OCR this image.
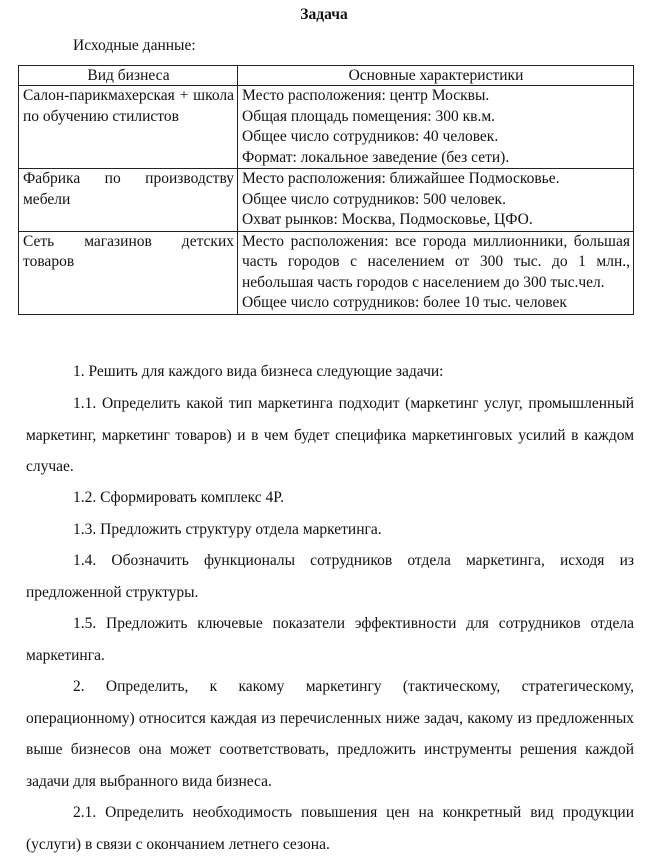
Задача
Исходные данные:
Вид бизнеса	Основные характеристики
Салон-парикмахерская + школа по обучению стилистов	Место расположения: центр Москвы.
Общая площадь помещения: 300 кв.м.
Общее число сотрудников: 40 человек.
Формат: локальное заведение (без сети).

Фабрика по производству мебели	Место расположения: ближайшее Подмосковье.
Общее число сотрудников: 500 человек.
Охват рынков: Москва, Подмосковье, ЦФО.

Сеть магазинов детских товаров	Место расположения: все города миллионники, большая часть городов с населением от 300 тыс. до 1 млн., небольшая часть городов с населением до 300 тыс.чел.
Общее число сотрудников: более 10 тыс. человек
1. Решить для каждого вида бизнеса следующие задачи:
1.1. Определить какой тип маркетинга подходит (маркетинг услуг, промышленный маркетинг, маркетинг товаров) и в чем будет специфика маркетинговых усилий в каждом случае.
1.2. Сформировать комплекс 4P.
1.3. Предложить структуру отдела маркетинга.
1.4. Обозначить функционалы сотрудников отдела маркетинга, исходя из предложенной структуры.
1.5. Предложить ключевые показатели эффективности для сотрудников отдела маркетинга.
2. Определить, к какому маркетингу (тактическому, стратегическому, операционному) относится каждая из перечисленных ниже задач, какому из предложенных выше бизнесов она может соответствовать, предложить инструменты решения каждой задачи для выбранного вида бизнеса.
2.1. Определить необходимость повышения цен на конкретный вид продукции (услуги) в связи с окончанием летнего сезона.
